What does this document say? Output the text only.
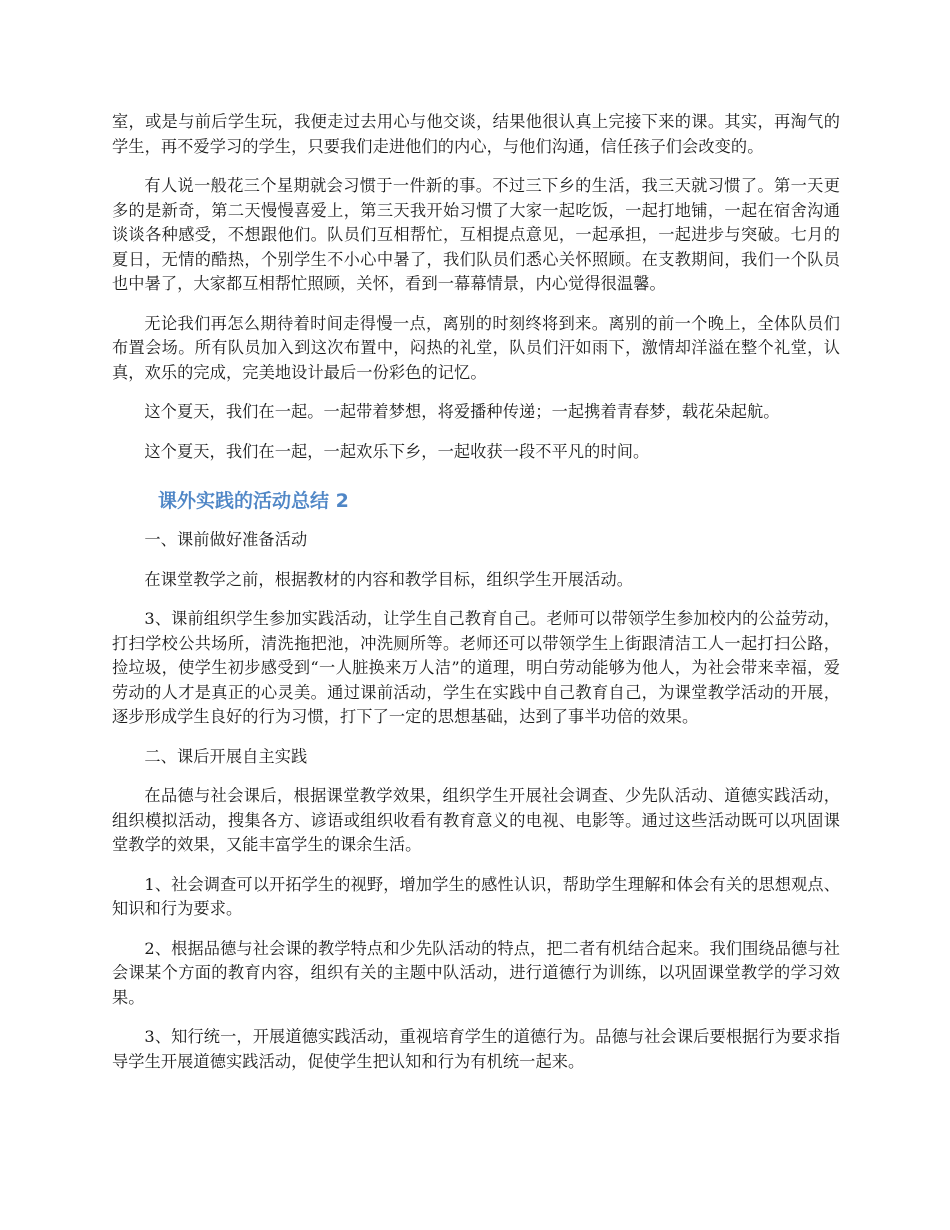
室，或是与前后学生玩，我便走过去用心与他交谈，结果他很认真上完接下来的课。其实，再淘气的学生，再不爱学习的学生，只要我们走进他们的内心，与他们沟通，信任孩子们会改变的。

有人说一般花三个星期就会习惯于一件新的事。不过三下乡的生活，我三天就习惯了。第一天更多的是新奇，第二天慢慢喜爱上，第三天我开始习惯了大家一起吃饭，一起打地铺，一起在宿舍沟通谈谈各种感受，不想跟他们。队员们互相帮忙，互相提点意见，一起承担，一起进步与突破。七月的夏日，无情的酷热，个别学生不小心中暑了，我们队员们悉心关怀照顾。在支教期间，我们一个队员也中暑了，大家都互相帮忙照顾，关怀，看到一幕幕情景，内心觉得很温馨。

无论我们再怎么期待着时间走得慢一点，离别的时刻终将到来。离别的前一个晚上，全体队员们布置会场。所有队员加入到这次布置中，闷热的礼堂，队员们汗如雨下，激情却洋溢在整个礼堂，认真，欢乐的完成，完美地设计最后一份彩色的记忆。

这个夏天，我们在一起。一起带着梦想，将爱播种传递；一起携着青春梦，载花朵起航。

这个夏天，我们在一起，一起欢乐下乡，一起收获一段不平凡的时间。

课外实践的活动总结 2

一、课前做好准备活动

在课堂教学之前，根据教材的内容和教学目标，组织学生开展活动。

3、课前组织学生参加实践活动，让学生自己教育自己。老师可以带领学生参加校内的公益劳动，打扫学校公共场所，清洗拖把池，冲洗厕所等。老师还可以带领学生上街跟清洁工人一起打扫公路，捡垃圾，使学生初步感受到“一人脏换来万人洁”的道理，明白劳动能够为他人，为社会带来幸福，爱劳动的人才是真正的心灵美。通过课前活动，学生在实践中自己教育自己，为课堂教学活动的开展，逐步形成学生良好的行为习惯，打下了一定的思想基础，达到了事半功倍的效果。

二、课后开展自主实践

在品德与社会课后，根据课堂教学效果，组织学生开展社会调查、少先队活动、道德实践活动，组织模拟活动，搜集各方、谚语或组织收看有教育意义的电视、电影等。通过这些活动既可以巩固课堂教学的效果，又能丰富学生的课余生活。

1、社会调查可以开拓学生的视野，增加学生的感性认识，帮助学生理解和体会有关的思想观点、知识和行为要求。

2、根据品德与社会课的教学特点和少先队活动的特点，把二者有机结合起来。我们围绕品德与社会课某个方面的教育内容，组织有关的主题中队活动，进行道德行为训练，以巩固课堂教学的学习效果。

3、知行统一，开展道德实践活动，重视培育学生的道德行为。品德与社会课后要根据行为要求指导学生开展道德实践活动，促使学生把认知和行为有机统一起来。
